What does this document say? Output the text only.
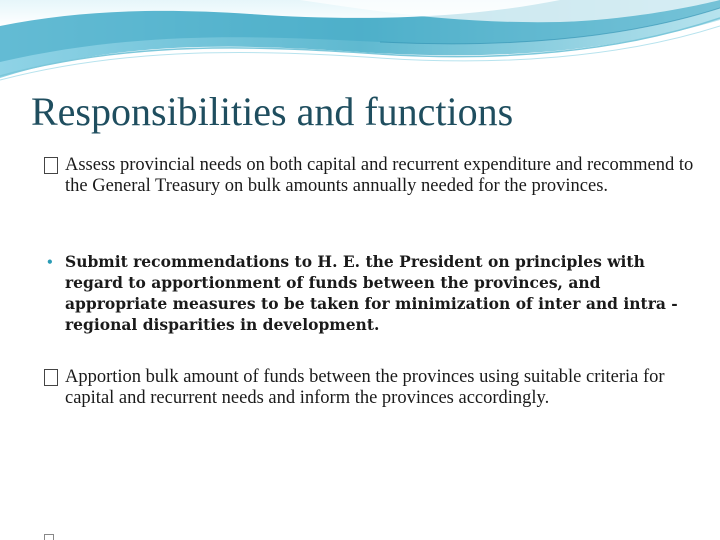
Responsibilities and functions
Assess provincial needs on both capital and recurrent expenditure and recommend to the General Treasury on bulk amounts annually needed for the provinces.
• Submit recommendations to H. E. the President on principles with regard to apportionment of funds between the provinces, and appropriate measures to be taken for minimization of inter and intra - regional disparities in development.
Apportion bulk amount of funds between the provinces using suitable criteria for capital and recurrent needs and inform the provinces accordingly.
